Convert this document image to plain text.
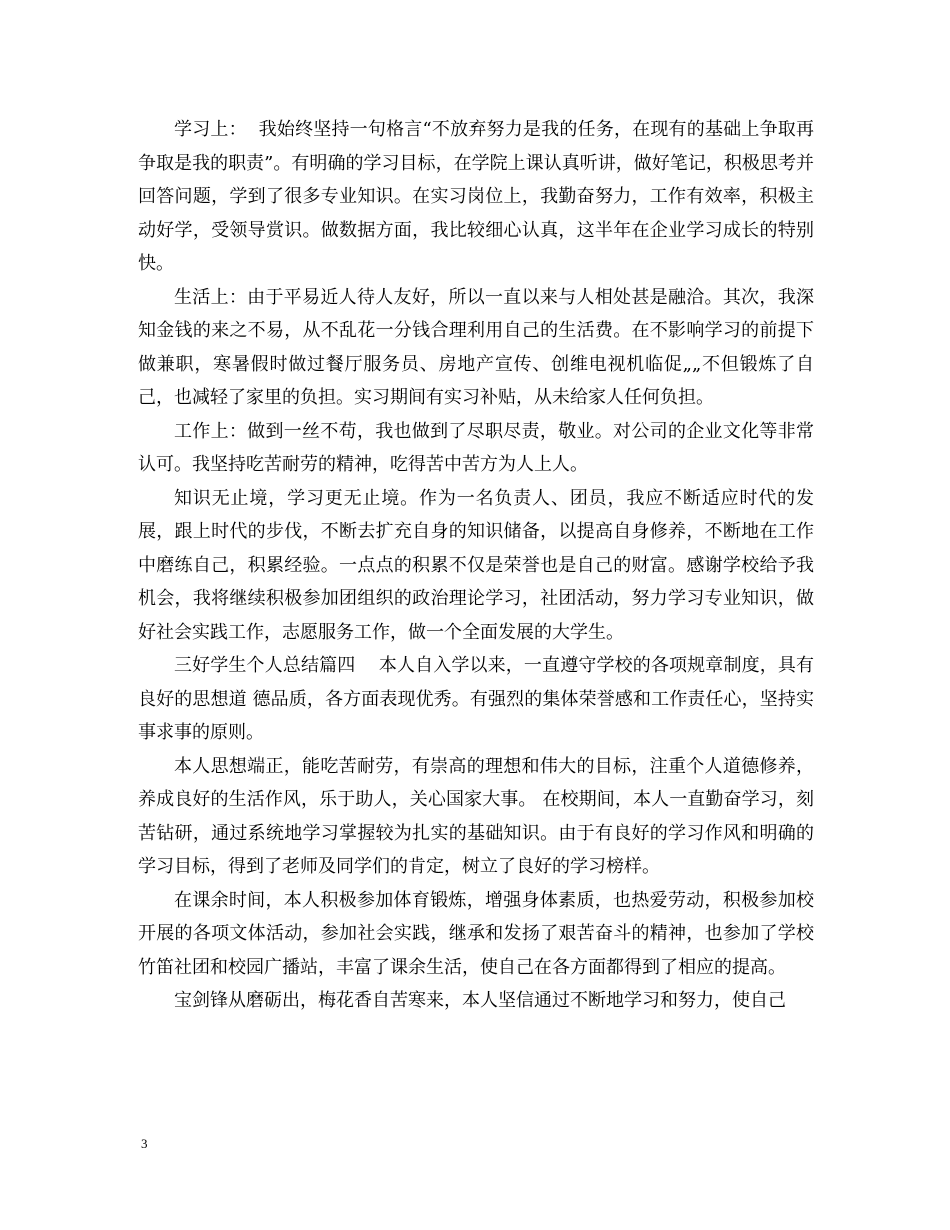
学习上：  我始终坚持一句格言“不放弃努力是我的任务，在现有的基础上争取再争取是我的职责”。有明确的学习目标，在学院上课认真听讲，做好笔记，积极思考并回答问题，学到了很多专业知识。在实习岗位上，我勤奋努力，工作有效率，积极主动好学，受领导赏识。做数据方面，我比较细心认真，这半年在企业学习成长的特别快。

生活上：由于平易近人待人友好，所以一直以来与人相处甚是融洽。其次，我深知金钱的来之不易，从不乱花一分钱合理利用自己的生活费。在不影响学习的前提下做兼职，寒暑假时做过餐厅服务员、房地产宣传、创维电视机临促„„不但锻炼了自己，也减轻了家里的负担。实习期间有实习补贴，从未给家人任何负担。

工作上：做到一丝不苟，我也做到了尽职尽责，敬业。对公司的企业文化等非常认可。我坚持吃苦耐劳的精神，吃得苦中苦方为人上人。

知识无止境，学习更无止境。作为一名负责人、团员，我应不断适应时代的发展，跟上时代的步伐，不断去扩充自身的知识储备，以提高自身修养，不断地在工作中磨练自己，积累经验。一点点的积累不仅是荣誉也是自己的财富。感谢学校给予我机会，我将继续积极参加团组织的政治理论学习，社团活动，努力学习专业知识，做好社会实践工作，志愿服务工作，做一个全面发展的大学生。

三好学生个人总结篇四    本人自入学以来，一直遵守学校的各项规章制度，具有良好的思想道 德品质，各方面表现优秀。有强烈的集体荣誉感和工作责任心，坚持实事求事的原则。

本人思想端正，能吃苦耐劳，有崇高的理想和伟大的目标，注重个人道德修养，养成良好的生活作风，乐于助人，关心国家大事。 在校期间，本人一直勤奋学习，刻苦钻研，通过系统地学习掌握较为扎实的基础知识。由于有良好的学习作风和明确的学习目标，得到了老师及同学们的肯定，树立了良好的学习榜样。

在课余时间，本人积极参加体育锻炼，增强身体素质，也热爱劳动，积极参加校开展的各项文体活动，参加社会实践，继承和发扬了艰苦奋斗的精神，也参加了学校竹笛社团和校园广播站，丰富了课余生活，使自己在各方面都得到了相应的提高。

宝剑锋从磨砺出，梅花香自苦寒来，本人坚信通过不断地学习和努力，使自己

3
